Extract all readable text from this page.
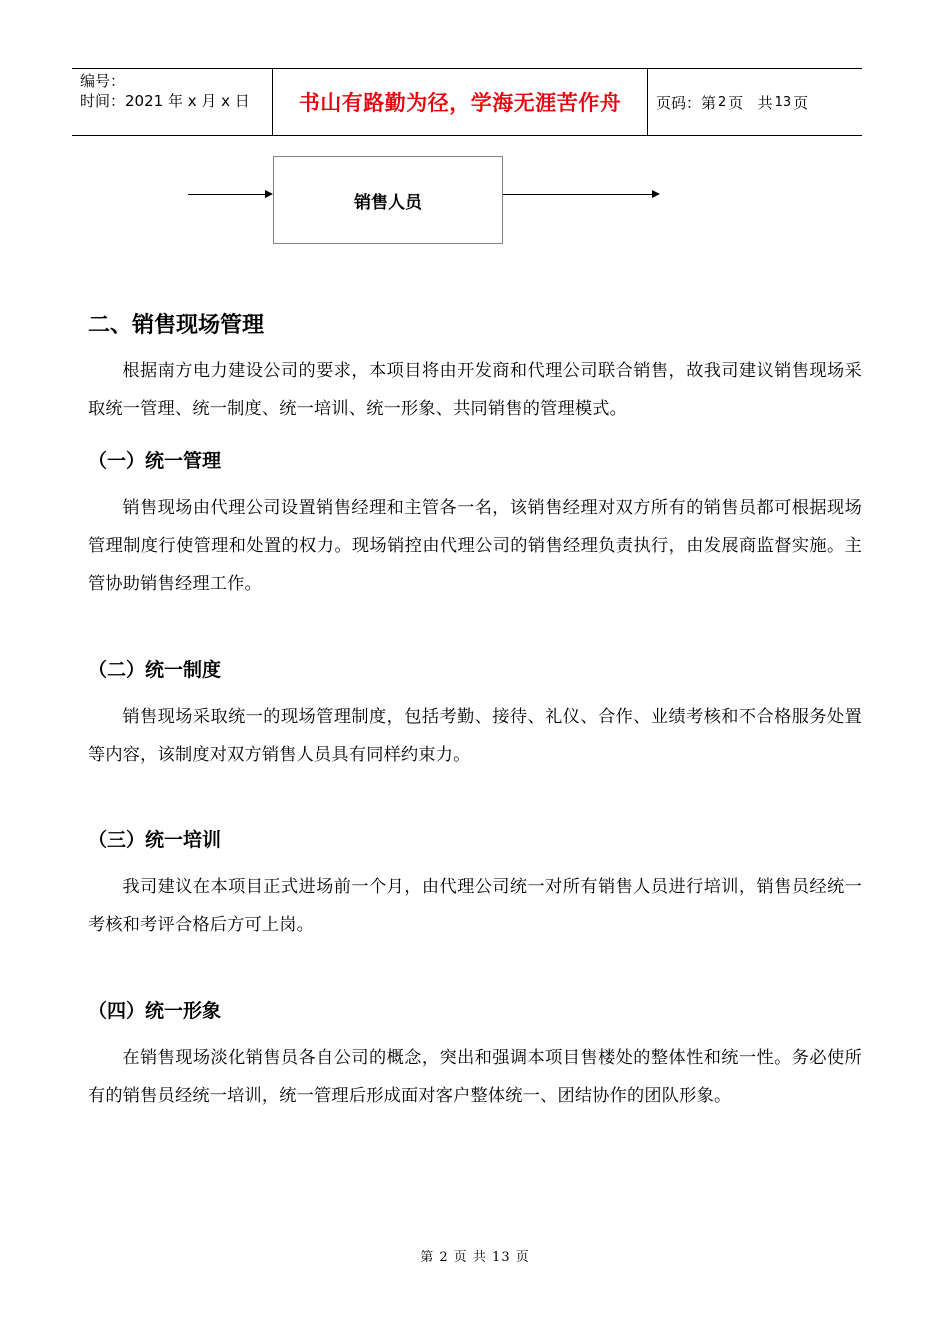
编号：
时间：2021 年 x 月 x 日	书山有路勤为径，学海无涯苦作舟 页码：第 2 页   共 13 页
销售人员
二、销售现场管理
根据南方电力建设公司的要求，本项目将由开发商和代理公司联合销售，故我司建议销售现场采取统一管理、统一制度、统一培训、统一形象、共同销售的管理模式。
（一）统一管理
销售现场由代理公司设置销售经理和主管各一名，该销售经理对双方所有的销售员都可根据现场管理制度行使管理和处置的权力。现场销控由代理公司的销售经理负责执行，由发展商监督实施。主管协助销售经理工作。
（二）统一制度
销售现场采取统一的现场管理制度，包括考勤、接待、礼仪、合作、业绩考核和不合格服务处置等内容，该制度对双方销售人员具有同样约束力。
（三）统一培训
我司建议在本项目正式进场前一个月，由代理公司统一对所有销售人员进行培训，销售员经统一考核和考评合格后方可上岗。
（四）统一形象
在销售现场淡化销售员各自公司的概念，突出和强调本项目售楼处的整体性和统一性。务必使所有的销售员经统一培训，统一管理后形成面对客户整体统一、团结协作的团队形象。
第 2 页 共 13 页
